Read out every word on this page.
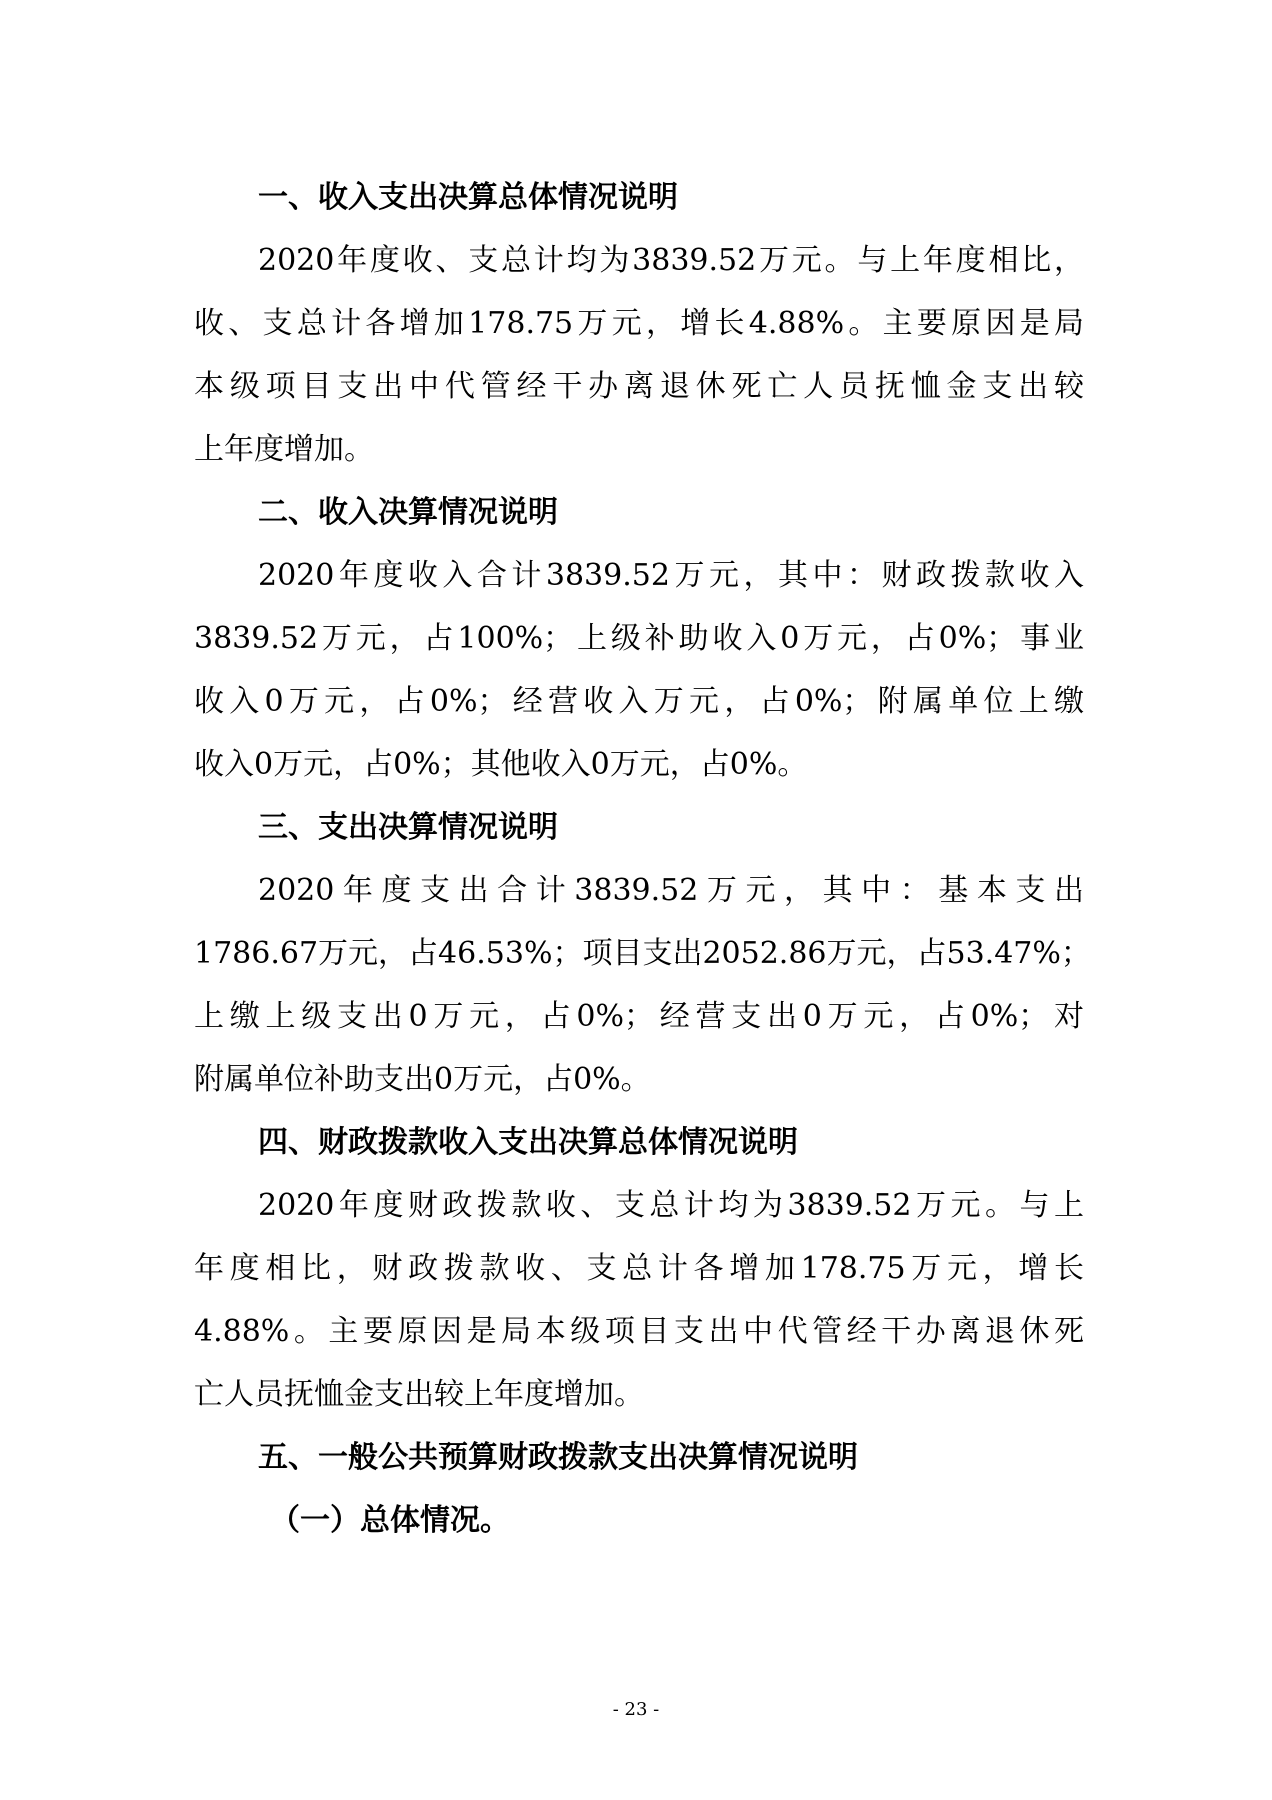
一、收入支出决算总体情况说明

2020年度收、支总计均为3839.52万元。与上年度相比，
收、支总计各增加178.75万元，增长4.88%。主要原因是局
本级项目支出中代管经干办离退休死亡人员抚恤金支出较
上年度增加。

二、收入决算情况说明

2020年度收入合计3839.52万元，其中：财政拨款收入
3839.52万元，占100%；上级补助收入0万元，占0%；事业
收入0万元，占0%；经营收入万元，占0%；附属单位上缴
收入0万元，占0%；其他收入0万元，占0%。

三、支出决算情况说明

2020年度支出合计3839.52万元，其中：基本支出
1786.67万元，占46.53%；项目支出2052.86万元，占53.47%；
上缴上级支出0万元，占0%；经营支出0万元，占0%；对
附属单位补助支出0万元，占0%。

四、财政拨款收入支出决算总体情况说明

2020年度财政拨款收、支总计均为3839.52万元。与上
年度相比，财政拨款收、支总计各增加178.75万元，增长
4.88%。主要原因是局本级项目支出中代管经干办离退休死
亡人员抚恤金支出较上年度增加。

五、一般公共预算财政拨款支出决算情况说明
（一）总体情况。
- 23 -
